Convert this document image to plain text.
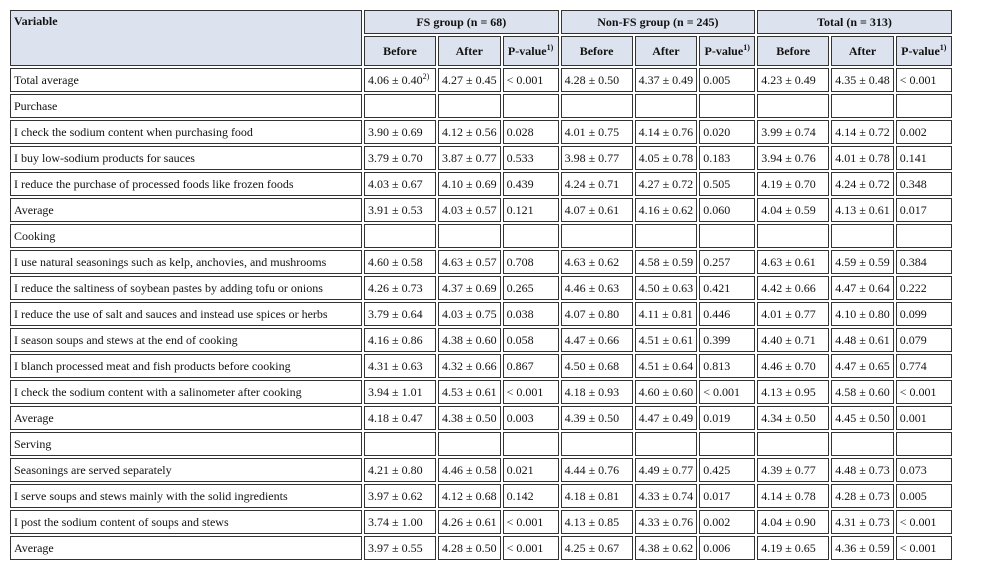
Variable	FS group (n = 68)			Non-FS group (n = 245)			Total (n = 313)		
	Before	After	P-value$^{1)}$	Before	After	P-value$^{1)}$	Before	After	P-value$^{1)}$
Total average	$4.06 \pm 0.40^{2)}$	4.27 ± 0.45	< 0.001	4.28 ± 0.50	4.37 ± 0.49	0.005	4.23 ± 0.49	4.35 ± 0.48	< 0.001
Purchase									
I check the sodium content when purchasing food	3.90 ± 0.69	4.12 ± 0.56	0.028	4.01 ± 0.75	4.14 ± 0.76	0.020	3.99 ± 0.74	4.14 ± 0.72	0.002
I buy low-sodium products for sauces	3.79 ± 0.70	3.87 ± 0.77	0.533	3.98 ± 0.77	4.05 ± 0.78	0.183	3.94 ± 0.76	4.01 ± 0.78	0.141
I reduce the purchase of processed foods like frozen foods	4.03 ± 0.67	4.10 ± 0.69	0.439	4.24 ± 0.71	4.27 ± 0.72	0.505	4.19 ± 0.70	4.24 ± 0.72	0.348
Average	3.91 ± 0.53	4.03 ± 0.57	0.121	4.07 ± 0.61	4.16 ± 0.62	0.060	4.04 ± 0.59	4.13 ± 0.61	0.017
Cooking									
I use natural seasonings such as kelp, anchovies, and mushrooms	4.60 ± 0.58	4.63 ± 0.57	0.708	4.63 ± 0.62	4.58 ± 0.59	0.257	4.63 ± 0.61	4.59 ± 0.59	0.384
I reduce the saltiness of soybean pastes by adding tofu or onions	4.26 ± 0.73	4.37 ± 0.69	0.265	4.46 ± 0.63	4.50 ± 0.63	0.421	4.42 ± 0.66	4.47 ± 0.64	0.222
I reduce the use of salt and sauces and instead use spices or herbs	3.79 ± 0.64	4.03 ± 0.75	0.038	4.07 ± 0.80	4.11 ± 0.81	0.446	4.01 ± 0.77	4.10 ± 0.80	0.099
I season soups and stews at the end of cooking	4.16 ± 0.86	4.38 ± 0.60	0.058	4.47 ± 0.66	4.51 ± 0.61	0.399	4.40 ± 0.71	4.48 ± 0.61	0.079
I blanch processed meat and fish products before cooking	4.31 ± 0.63	4.32 ± 0.66	0.867	4.50 ± 0.68	4.51 ± 0.64	0.813	4.46 ± 0.70	4.47 ± 0.65	0.774
I check the sodium content with a salinometer after cooking	3.94 ± 1.01	4.53 ± 0.61	< 0.001	4.18 ± 0.93	4.60 ± 0.60	< 0.001	4.13 ± 0.95	4.58 ± 0.60	< 0.001
Average	4.18 ± 0.47	4.38 ± 0.50	0.003	4.39 ± 0.50	4.47 ± 0.49	0.019	4.34 ± 0.50	4.45 ± 0.50	0.001
Serving									
Seasonings are served separately	4.21 ± 0.80	4.46 ± 0.58	0.021	4.44 ± 0.76	4.49 ± 0.77	0.425	4.39 ± 0.77	4.48 ± 0.73	0.073
I serve soups and stews mainly with the solid ingredients	3.97 ± 0.62	4.12 ± 0.68	0.142	4.18 ± 0.81	4.33 ± 0.74	0.017	4.14 ± 0.78	4.28 ± 0.73	0.005
I post the sodium content of soups and stews	3.74 ± 1.00	4.26 ± 0.61	< 0.001	4.13 ± 0.85	4.33 ± 0.76	0.002	4.04 ± 0.90	4.31 ± 0.73	< 0.001
Average	3.97 ± 0.55	4.28 ± 0.50	< 0.001	4.25 ± 0.67	4.38 ± 0.62	0.006	4.19 ± 0.65	4.36 ± 0.59	< 0.001
